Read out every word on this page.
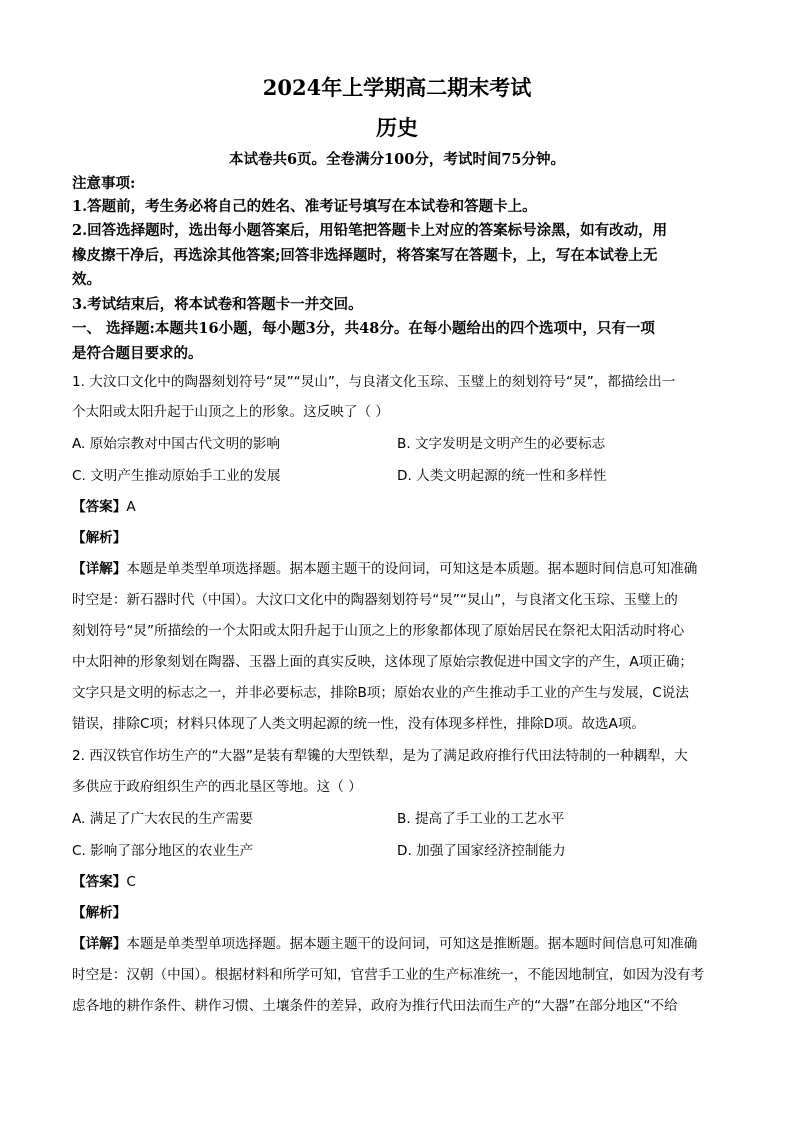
2024年上学期高二期末考试
历史
本试卷共6页。全卷满分100分，考试时间75分钟。
注意事项:
1.答题前，考生务必将自己的姓名、准考证号填写在本试卷和答题卡上。
2.回答选择题时，选出每小题答案后，用铅笔把答题卡上对应的答案标号涂黑，如有改动，用
橡皮擦干净后，再选涂其他答案;回答非选择题时，将答案写在答题卡，上，写在本试卷上无
效。
3.考试结束后，将本试卷和答题卡一并交回。
一、 选择题:本题共16小题，每小题3分，共48分。在每小题给出的四个选项中，只有一项
是符合题目要求的。
1. 大汶口文化中的陶器刻划符号“炅”“炅山”，与良渚文化玉琮、玉璧上的刻划符号“炅”，都描绘出一
个太阳或太阳升起于山顶之上的形象。这反映了（ ）
A. 原始宗教对中国古代文明的影响	B. 文字发明是文明产生的必要标志
C. 文明产生推动原始手工业的发展	D. 人类文明起源的统一性和多样性
【答案】A
【解析】
【详解】本题是单类型单项选择题。据本题主题干的设问词，可知这是本质题。据本题时间信息可知准确
时空是：新石器时代（中国）。大汶口文化中的陶器刻划符号“炅”“炅山”，与良渚文化玉琮、玉璧上的
刻划符号“炅”所描绘的一个太阳或太阳升起于山顶之上的形象都体现了原始居民在祭祀太阳活动时将心
中太阳神的形象刻划在陶器、玉器上面的真实反映，这体现了原始宗教促进中国文字的产生，A项正确；
文字只是文明的标志之一，并非必要标志，排除B项；原始农业的产生推动手工业的产生与发展，C说法
错误，排除C项；材料只体现了人类文明起源的统一性，没有体现多样性，排除D项。故选A项。
2. 西汉铁官作坊生产的“大器”是装有犁镵的大型铁犁，是为了满足政府推行代田法特制的一种耦犁，大
多供应于政府组织生产的西北垦区等地。这（ ）
A. 满足了广大农民的生产需要	B. 提高了手工业的工艺水平
C. 影响了部分地区的农业生产	D. 加强了国家经济控制能力
【答案】C
【解析】
【详解】本题是单类型单项选择题。据本题主题干的设问词，可知这是推断题。据本题时间信息可知准确
时空是：汉朝（中国）。根据材料和所学可知，官营手工业的生产标准统一，不能因地制宜，如因为没有考
虑各地的耕作条件、耕作习惯、土壤条件的差异，政府为推行代田法而生产的“大器”在部分地区“不给
